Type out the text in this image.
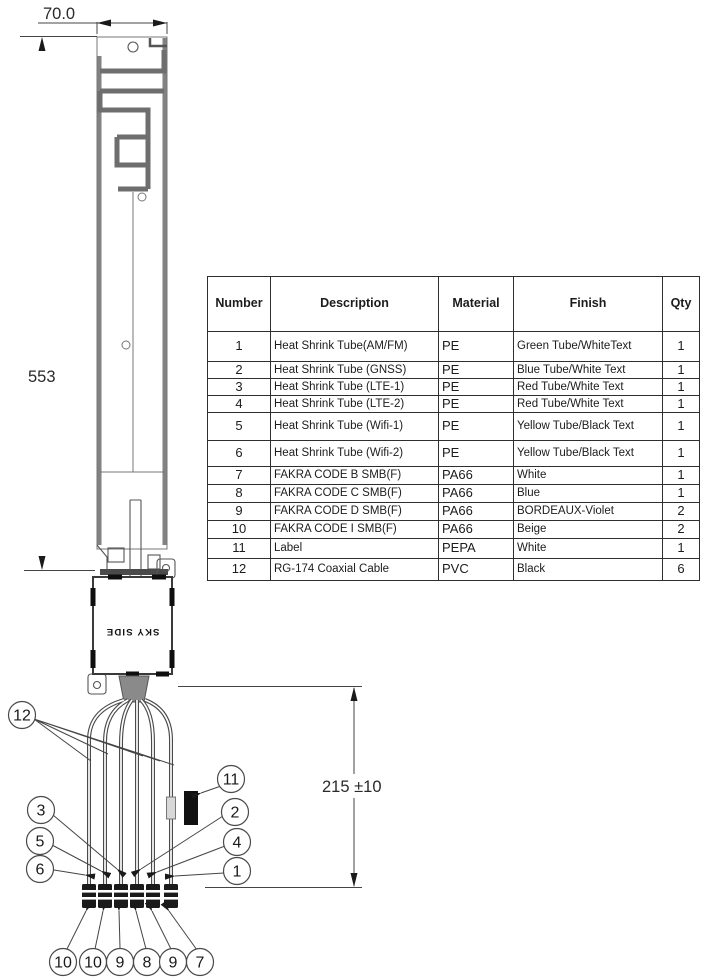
70.0
553
SKY SIDE
215 ±10
12
11
3
5
6
2
4
1
10 10 9 8 9 7
Number	Description	Material	Finish	Qty
1	Heat Shrink Tube(AM/FM)	PE	Green Tube/WhiteText	1
2	Heat Shrink Tube (GNSS)	PE	Blue Tube/White Text	1
3	Heat Shrink Tube (LTE-1)	PE	Red Tube/White Text	1
4	Heat Shrink Tube (LTE-2)	PE	Red Tube/White Text	1
5	Heat Shrink Tube (Wifi-1)	PE	Yellow Tube/Black Text	1
6	Heat Shrink Tube (Wifi-2)	PE	Yellow Tube/Black Text	1
7	FAKRA CODE B SMB(F)	PA66	White	1
8	FAKRA CODE C SMB(F)	PA66	Blue	1
9	FAKRA CODE D SMB(F)	PA66	BORDEAUX-Violet	2
10	FAKRA CODE I SMB(F)	PA66	Beige	2
11	Label	PEPA	White	1
12	RG-174 Coaxial Cable	PVC	Black	6
